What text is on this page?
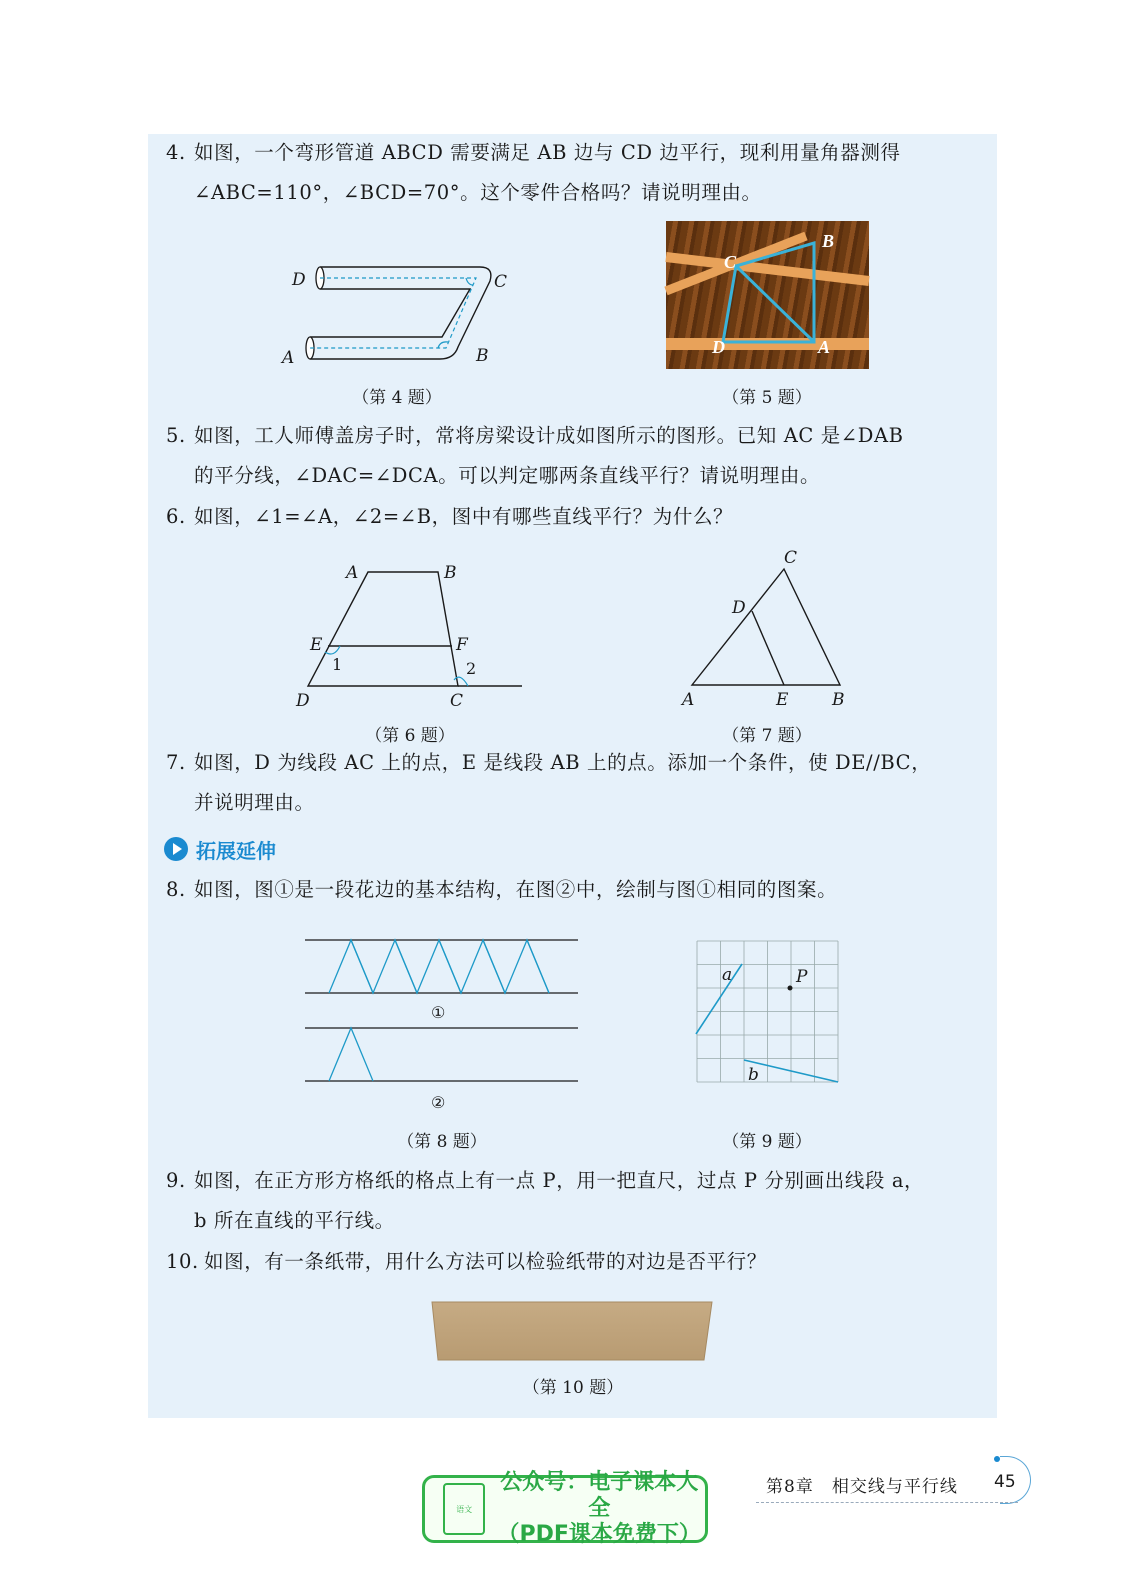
4. 如图，一个弯形管道 ABCD 需要满足 AB 边与 CD 边平行，现利用量角器测得
∠ABC=110°，∠BCD=70°。这个零件合格吗？请说明理由。
D	C
A	B
（第 4 题）
C
B
D	A
（第 5 题）
5. 如图，工人师傅盖房子时，常将房梁设计成如图所示的图形。已知 AC 是∠DAB
的平分线，∠DAC=∠DCA。可以判定哪两条直线平行？请说明理由。
6. 如图，∠1=∠A，∠2=∠B，图中有哪些直线平行？为什么？
A	B
E	F
D	C
1	2
（第 6 题）
C
D
A	E	B
（第 7 题）
7. 如图，D 为线段 AC 上的点，E 是线段 AB 上的点。添加一个条件，使 DE//BC，
并说明理由。
拓展延伸
8. 如图，图①是一段花边的基本结构，在图②中，绘制与图①相同的图案。
①
②
（第 8 题）
a	P
b
（第 9 题）
9. 如图，在正方形方格纸的格点上有一点 P，用一把直尺，过点 P 分别画出线段 a，
b 所在直线的平行线。
10. 如图，有一条纸带，用什么方法可以检验纸带的对边是否平行？
（第 10 题）
第8章　相交线与平行线 45
语文
公众号：电子课本大全
（PDF课本免费下）
